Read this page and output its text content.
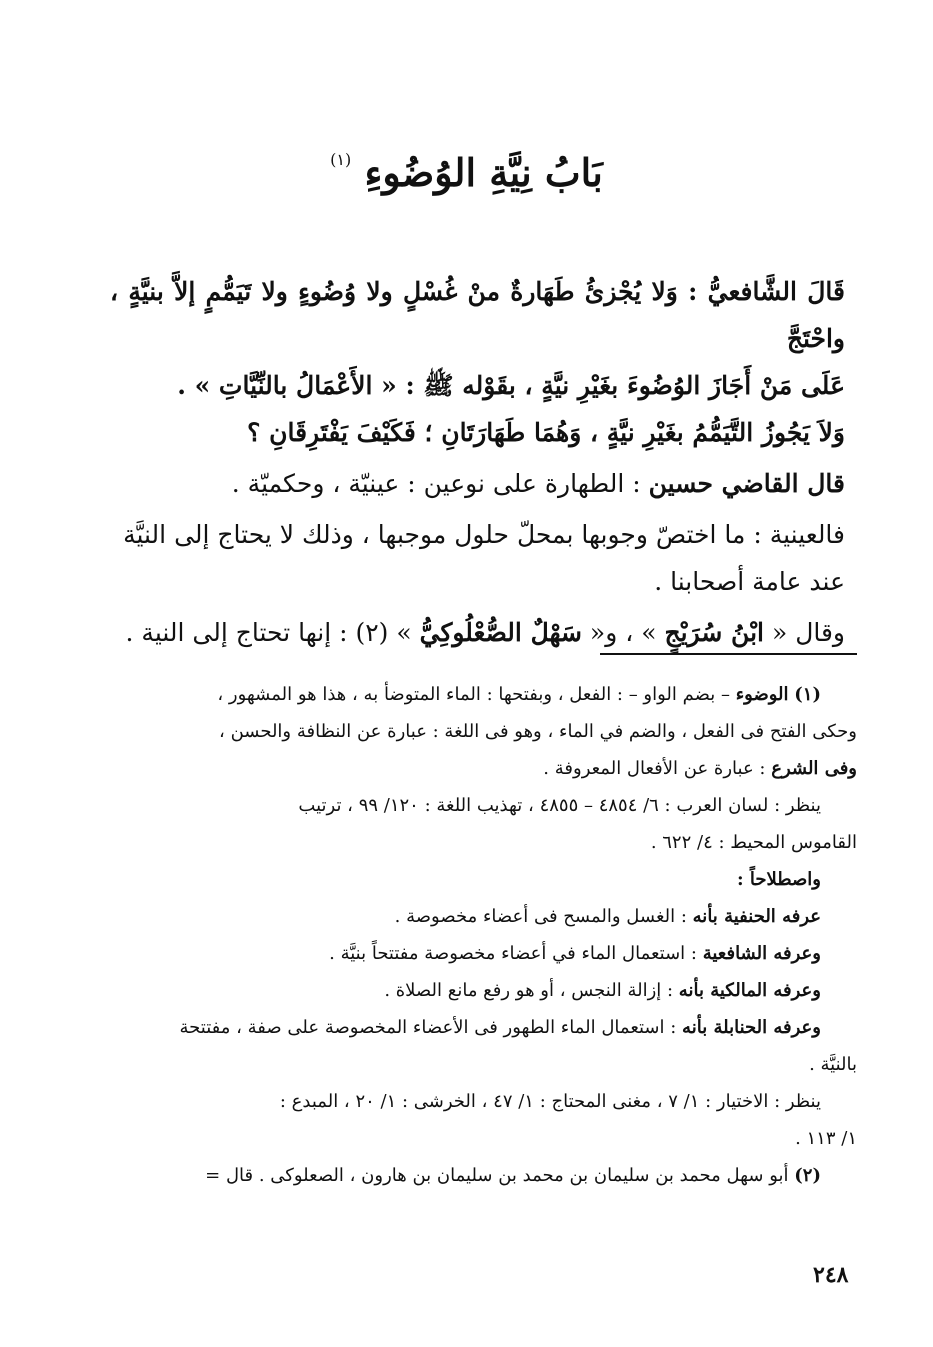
بَابُ نِيَّةِ الوُضُوءِ $^{(١)}$

قَالَ الشَّافعيُّ : وَلا يُجْزئُ طَهَارةٌ منْ غُسْلٍ ولا وُضُوءٍ ولا تَيَمُّمٍ إلاَّ بنيَّةٍ ، واحْتَجَّ
عَلَى مَنْ أَجَازَ الوُضُوءَ بغَيْرِ نيَّةٍ ، بقَوْله ﷺ : « الأَعْمَالُ بالنِّيَّاتِ » .
وَلاَ يَجُوزُ التَّيَمُّمُ بغَيْرِ نيَّةٍ ، وَهُمَا طَهَارَتَانِ ؛ فَكَيْفَ يَفْتَرِقَانِ ؟

قال القاضي حسين : الطهارة على نوعين : عينيّة ، وحكميّة .

فالعينية : ما اختصّ وجوبها بمحلّ حلول موجبها ، وذلك لا يحتاج إلى النيَّة
عند عامة أصحابنا .

وقال « ابْنُ سُرَيْجٍ » ، و« سَهْلٌ الصُّعْلُوكِيُّ » (٢) : إنها تحتاج إلى النية .

(١) الوضوء – بضم الواو – : الفعل ، وبفتحها : الماء المتوضأ به ، هذا هو المشهور ،

وحكى الفتح فى الفعل ، والضم في الماء ، وهو فى اللغة : عبارة عن النظافة والحسن ،

وفى الشرع : عبارة عن الأفعال المعروفة .

ينظر : لسان العرب : ٦/ ٤٨٥٤ – ٤٨٥٥ ، تهذيب اللغة : ١٢٠/ ٩٩ ، ترتيب

القاموس المحيط : ٤/ ٦٢٢ .

واصطلاحاً :

عرفه الحنفية بأنه : الغسل والمسح فى أعضاء مخصوصة .

وعرفه الشافعية : استعمال الماء في أعضاء مخصوصة مفتتحاً بنيَّة .

وعرفه المالكية بأنه : إزالة النجس ، أو هو رفع مانع الصلاة .

وعرفه الحنابلة بأنه : استعمال الماء الطهور فى الأعضاء المخصوصة على صفة ، مفتتحة

بالنيَّة .

ينظر : الاختيار : ١/ ٧ ، مغنى المحتاج : ١/ ٤٧ ، الخرشى : ١/ ٢٠ ، المبدع :

١/ ١١٣ .

(٢) أبو سهل محمد بن سليمان بن محمد بن سليمان بن هارون ، الصعلوكى . قال =

٢٤٨
